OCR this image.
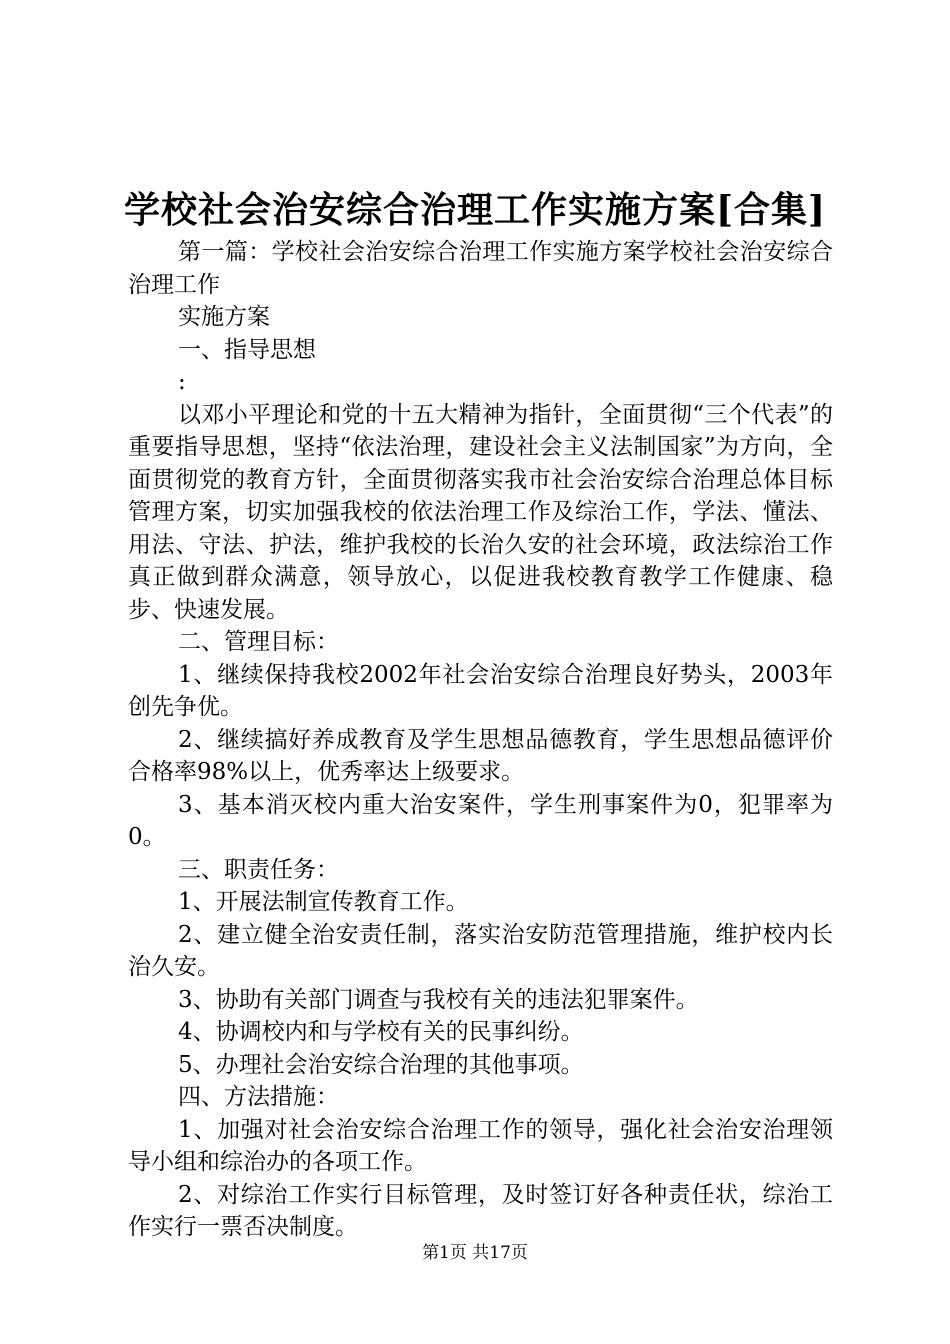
学校社会治安综合治理工作实施方案[合集]

第一篇：学校社会治安综合治理工作实施方案学校社会治安综合治理工作

实施方案

一、指导思想

:

以邓小平理论和党的十五大精神为指针，全面贯彻“三个代表”的重要指导思想，坚持“依法治理，建设社会主义法制国家”为方向，全面贯彻党的教育方针，全面贯彻落实我市社会治安综合治理总体目标管理方案，切实加强我校的依法治理工作及综治工作，学法、懂法、用法、守法、护法，维护我校的长治久安的社会环境，政法综治工作真正做到群众满意，领导放心，以促进我校教育教学工作健康、稳步、快速发展。

二、管理目标：

1、继续保持我校2002年社会治安综合治理良好势头，2003年创先争优。

2、继续搞好养成教育及学生思想品德教育，学生思想品德评价合格率98%以上，优秀率达上级要求。

3、基本消灭校内重大治安案件，学生刑事案件为0，犯罪率为0。

三、职责任务：

1、开展法制宣传教育工作。

2、建立健全治安责任制，落实治安防范管理措施，维护校内长治久安。

3、协助有关部门调查与我校有关的违法犯罪案件。

4、协调校内和与学校有关的民事纠纷。

5、办理社会治安综合治理的其他事项。

四、方法措施：

1、加强对社会治安综合治理工作的领导，强化社会治安治理领导小组和综治办的各项工作。

2、对综治工作实行目标管理，及时签订好各种责任状，综治工作实行一票否决制度。

第1页 共17页
